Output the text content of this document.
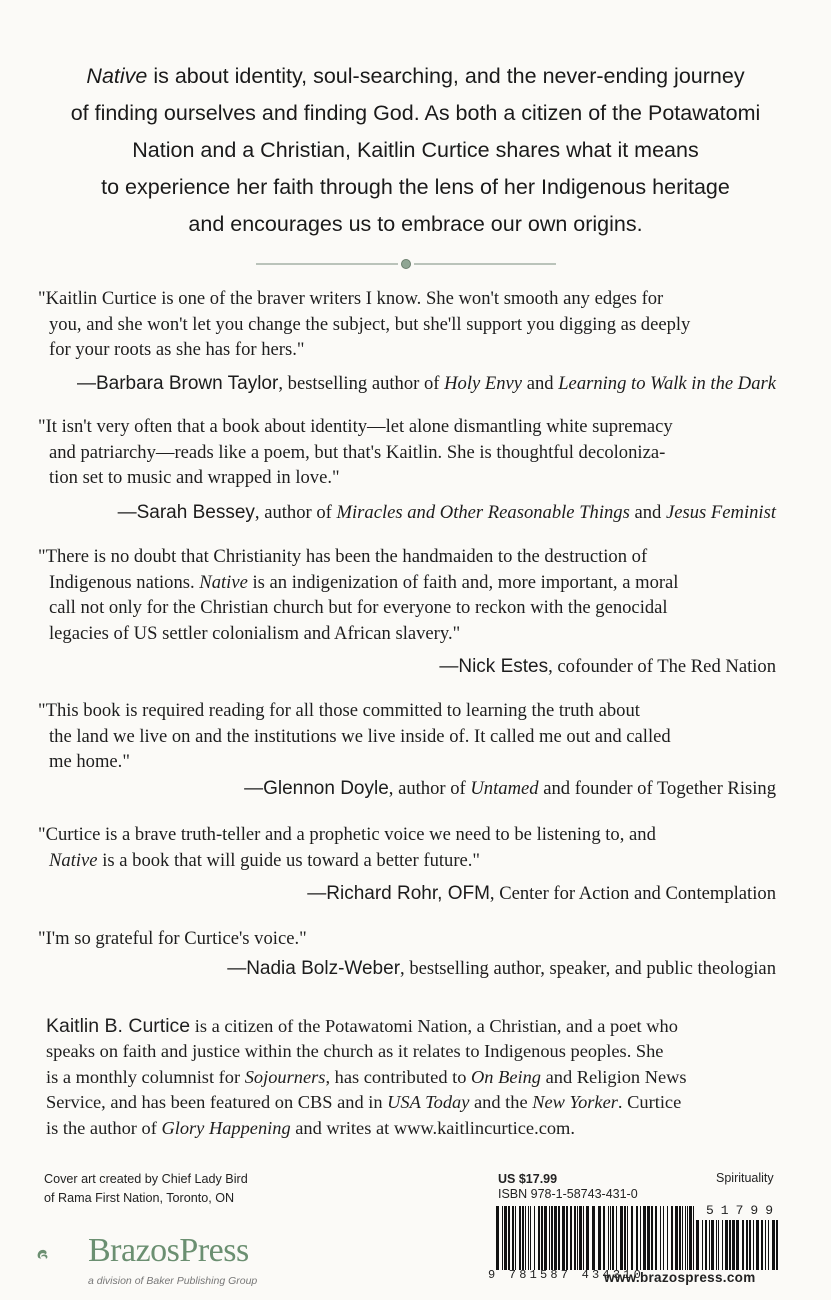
Native is about identity, soul-searching, and the never-ending journey
of finding ourselves and finding God. As both a citizen of the Potawatomi
Nation and a Christian, Kaitlin Curtice shares what it means
to experience her faith through the lens of her Indigenous heritage
and encourages us to embrace our own origins.
"Kaitlin Curtice is one of the braver writers I know. She won't smooth any edges for
you, and she won't let you change the subject, but she'll support you digging as deeply
for your roots as she has for hers."
—Barbara Brown Taylor, bestselling author of Holy Envy and Learning to Walk in the Dark
"It isn't very often that a book about identity—let alone dismantling white supremacy
and patriarchy—reads like a poem, but that's Kaitlin. She is thoughtful decoloniza-
tion set to music and wrapped in love."
—Sarah Bessey, author of Miracles and Other Reasonable Things and Jesus Feminist
"There is no doubt that Christianity has been the handmaiden to the destruction of
Indigenous nations. Native is an indigenization of faith and, more important, a moral
call not only for the Christian church but for everyone to reckon with the genocidal
legacies of US settler colonialism and African slavery."
—Nick Estes, cofounder of The Red Nation
"This book is required reading for all those committed to learning the truth about
the land we live on and the institutions we live inside of. It called me out and called
me home."
—Glennon Doyle, author of Untamed and founder of Together Rising
"Curtice is a brave truth-teller and a prophetic voice we need to be listening to, and
Native is a book that will guide us toward a better future."
—Richard Rohr, OFM, Center for Action and Contemplation
"I'm so grateful for Curtice's voice."
—Nadia Bolz-Weber, bestselling author, speaker, and public theologian
Kaitlin B. Curtice is a citizen of the Potawatomi Nation, a Christian, and a poet who
speaks on faith and justice within the church as it relates to Indigenous peoples. She
is a monthly columnist for Sojourners, has contributed to On Being and Religion News
Service, and has been featured on CBS and in USA Today and the New Yorker. Curtice
is the author of Glory Happening and writes at www.kaitlincurtice.com.
Cover art created by Chief Lady Bird
of Rama First Nation, Toronto, ON
BrazosPress
a division of Baker Publishing Group
US $17.99
ISBN 978-1-58743-431-0
Spirituality
51799
9 781587 434310
www.brazospress.com
